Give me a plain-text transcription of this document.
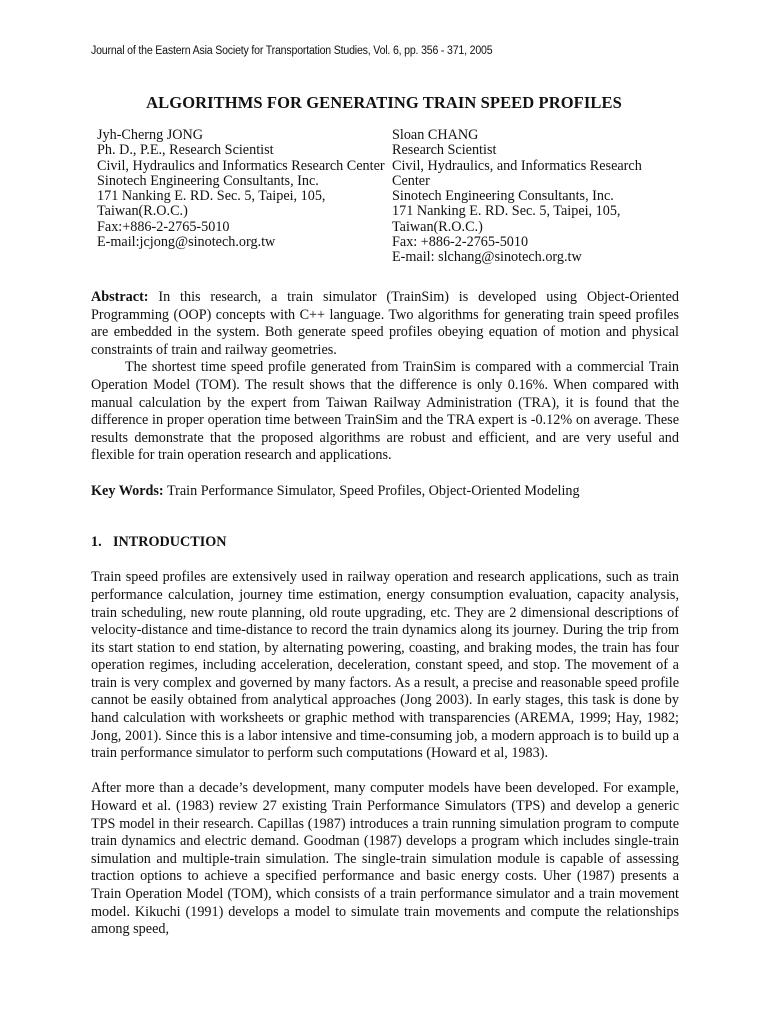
Journal of the Eastern Asia Society for Transportation Studies, Vol. 6, pp. 356 - 371, 2005
ALGORITHMS FOR GENERATING TRAIN SPEED PROFILES
Jyh-Cherng JONG
Ph. D., P.E., Research Scientist
Civil, Hydraulics and Informatics Research Center
Sinotech Engineering Consultants, Inc.
171 Nanking E. RD. Sec. 5, Taipei, 105, Taiwan(R.O.C.)
Fax:+886-2-2765-5010
E-mail:jcjong@sinotech.org.tw
Sloan CHANG
Research Scientist
Civil, Hydraulics, and Informatics Research Center
Sinotech Engineering Consultants, Inc.
171 Nanking E. RD. Sec. 5, Taipei, 105, Taiwan(R.O.C.)
Fax: +886-2-2765-5010
E-mail: slchang@sinotech.org.tw

Abstract: In this research, a train simulator (TrainSim) is developed using Object-Oriented Programming (OOP) concepts with C++ language. Two algorithms for generating train speed profiles are embedded in the system. Both generate speed profiles obeying equation of motion and physical constraints of train and railway geometries.

The shortest time speed profile generated from TrainSim is compared with a commercial Train Operation Model (TOM). The result shows that the difference is only 0.16%. When compared with manual calculation by the expert from Taiwan Railway Administration (TRA), it is found that the difference in proper operation time between TrainSim and the TRA expert is -0.12% on average. These results demonstrate that the proposed algorithms are robust and efficient, and are very useful and flexible for train operation research and applications.

Key Words: Train Performance Simulator, Speed Profiles, Object-Oriented Modeling

1. INTRODUCTION

Train speed profiles are extensively used in railway operation and research applications, such as train performance calculation, journey time estimation, energy consumption evaluation, capacity analysis, train scheduling, new route planning, old route upgrading, etc. They are 2 dimensional descriptions of velocity-distance and time-distance to record the train dynamics along its journey. During the trip from its start station to end station, by alternating powering, coasting, and braking modes, the train has four operation regimes, including acceleration, deceleration, constant speed, and stop. The movement of a train is very complex and governed by many factors. As a result, a precise and reasonable speed profile cannot be easily obtained from analytical approaches (Jong 2003). In early stages, this task is done by hand calculation with worksheets or graphic method with transparencies (AREMA, 1999; Hay, 1982; Jong, 2001). Since this is a labor intensive and time-consuming job, a modern approach is to build up a train performance simulator to perform such computations (Howard et al, 1983).

After more than a decade’s development, many computer models have been developed. For example, Howard et al. (1983) review 27 existing Train Performance Simulators (TPS) and develop a generic TPS model in their research. Capillas (1987) introduces a train running simulation program to compute train dynamics and electric demand. Goodman (1987) develops a program which includes single-train simulation and multiple-train simulation. The single-train simulation module is capable of assessing traction options to achieve a specified performance and basic energy costs. Uher (1987) presents a Train Operation Model (TOM), which consists of a train performance simulator and a train movement model. Kikuchi (1991) develops a model to simulate train movements and compute the relationships among speed,
